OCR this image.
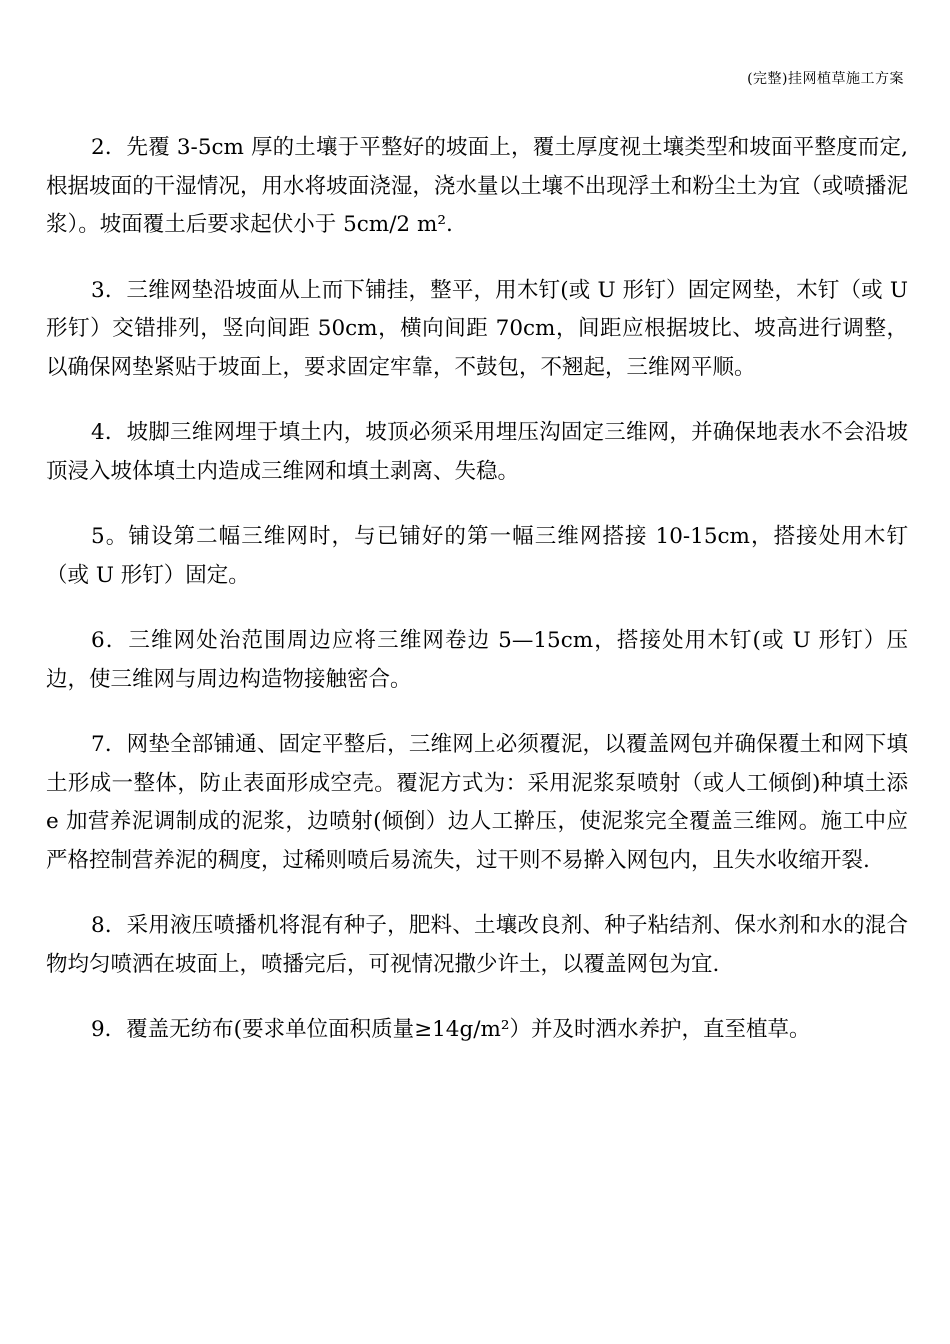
(完整)挂网植草施工方案

2．先覆 3-5cm 厚的土壤于平整好的坡面上，覆土厚度视土壤类型和坡面平整度而定,根据坡面的干湿情况，用水将坡面浇湿，浇水量以土壤不出现浮土和粉尘土为宜（或喷播泥浆）。坡面覆土后要求起伏小于 5cm/2 m².

3．三维网垫沿坡面从上而下铺挂，整平，用木钉(或 U 形钉）固定网垫，木钉（或 U 形钉）交错排列，竖向间距 50cm，横向间距 70cm，间距应根据坡比、坡高进行调整，以确保网垫紧贴于坡面上，要求固定牢靠，不鼓包，不翘起，三维网平顺。

4．坡脚三维网埋于填土内，坡顶必须采用埋压沟固定三维网，并确保地表水不会沿坡顶浸入坡体填土内造成三维网和填土剥离、失稳。

5。铺设第二幅三维网时，与已铺好的第一幅三维网搭接 10-15cm，搭接处用木钉（或 U 形钉）固定。

6．三维网处治范围周边应将三维网卷边 5—15cm，搭接处用木钉(或 U 形钉）压边，使三维网与周边构造物接触密合。

7．网垫全部铺通、固定平整后，三维网上必须覆泥，以覆盖网包并确保覆土和网下填土形成一整体，防止表面形成空壳。覆泥方式为：采用泥浆泵喷射（或人工倾倒)种填土添 e 加营养泥调制成的泥浆，边喷射(倾倒）边人工擀压，使泥浆完全覆盖三维网。施工中应严格控制营养泥的稠度，过稀则喷后易流失，过干则不易擀入网包内，且失水收缩开裂.

8．采用液压喷播机将混有种子，肥料、土壤改良剂、种子粘结剂、保水剂和水的混合物均匀喷洒在坡面上，喷播完后，可视情况撒少许土，以覆盖网包为宜.

9．覆盖无纺布(要求单位面积质量≥14g/m²）并及时洒水养护，直至植草。
